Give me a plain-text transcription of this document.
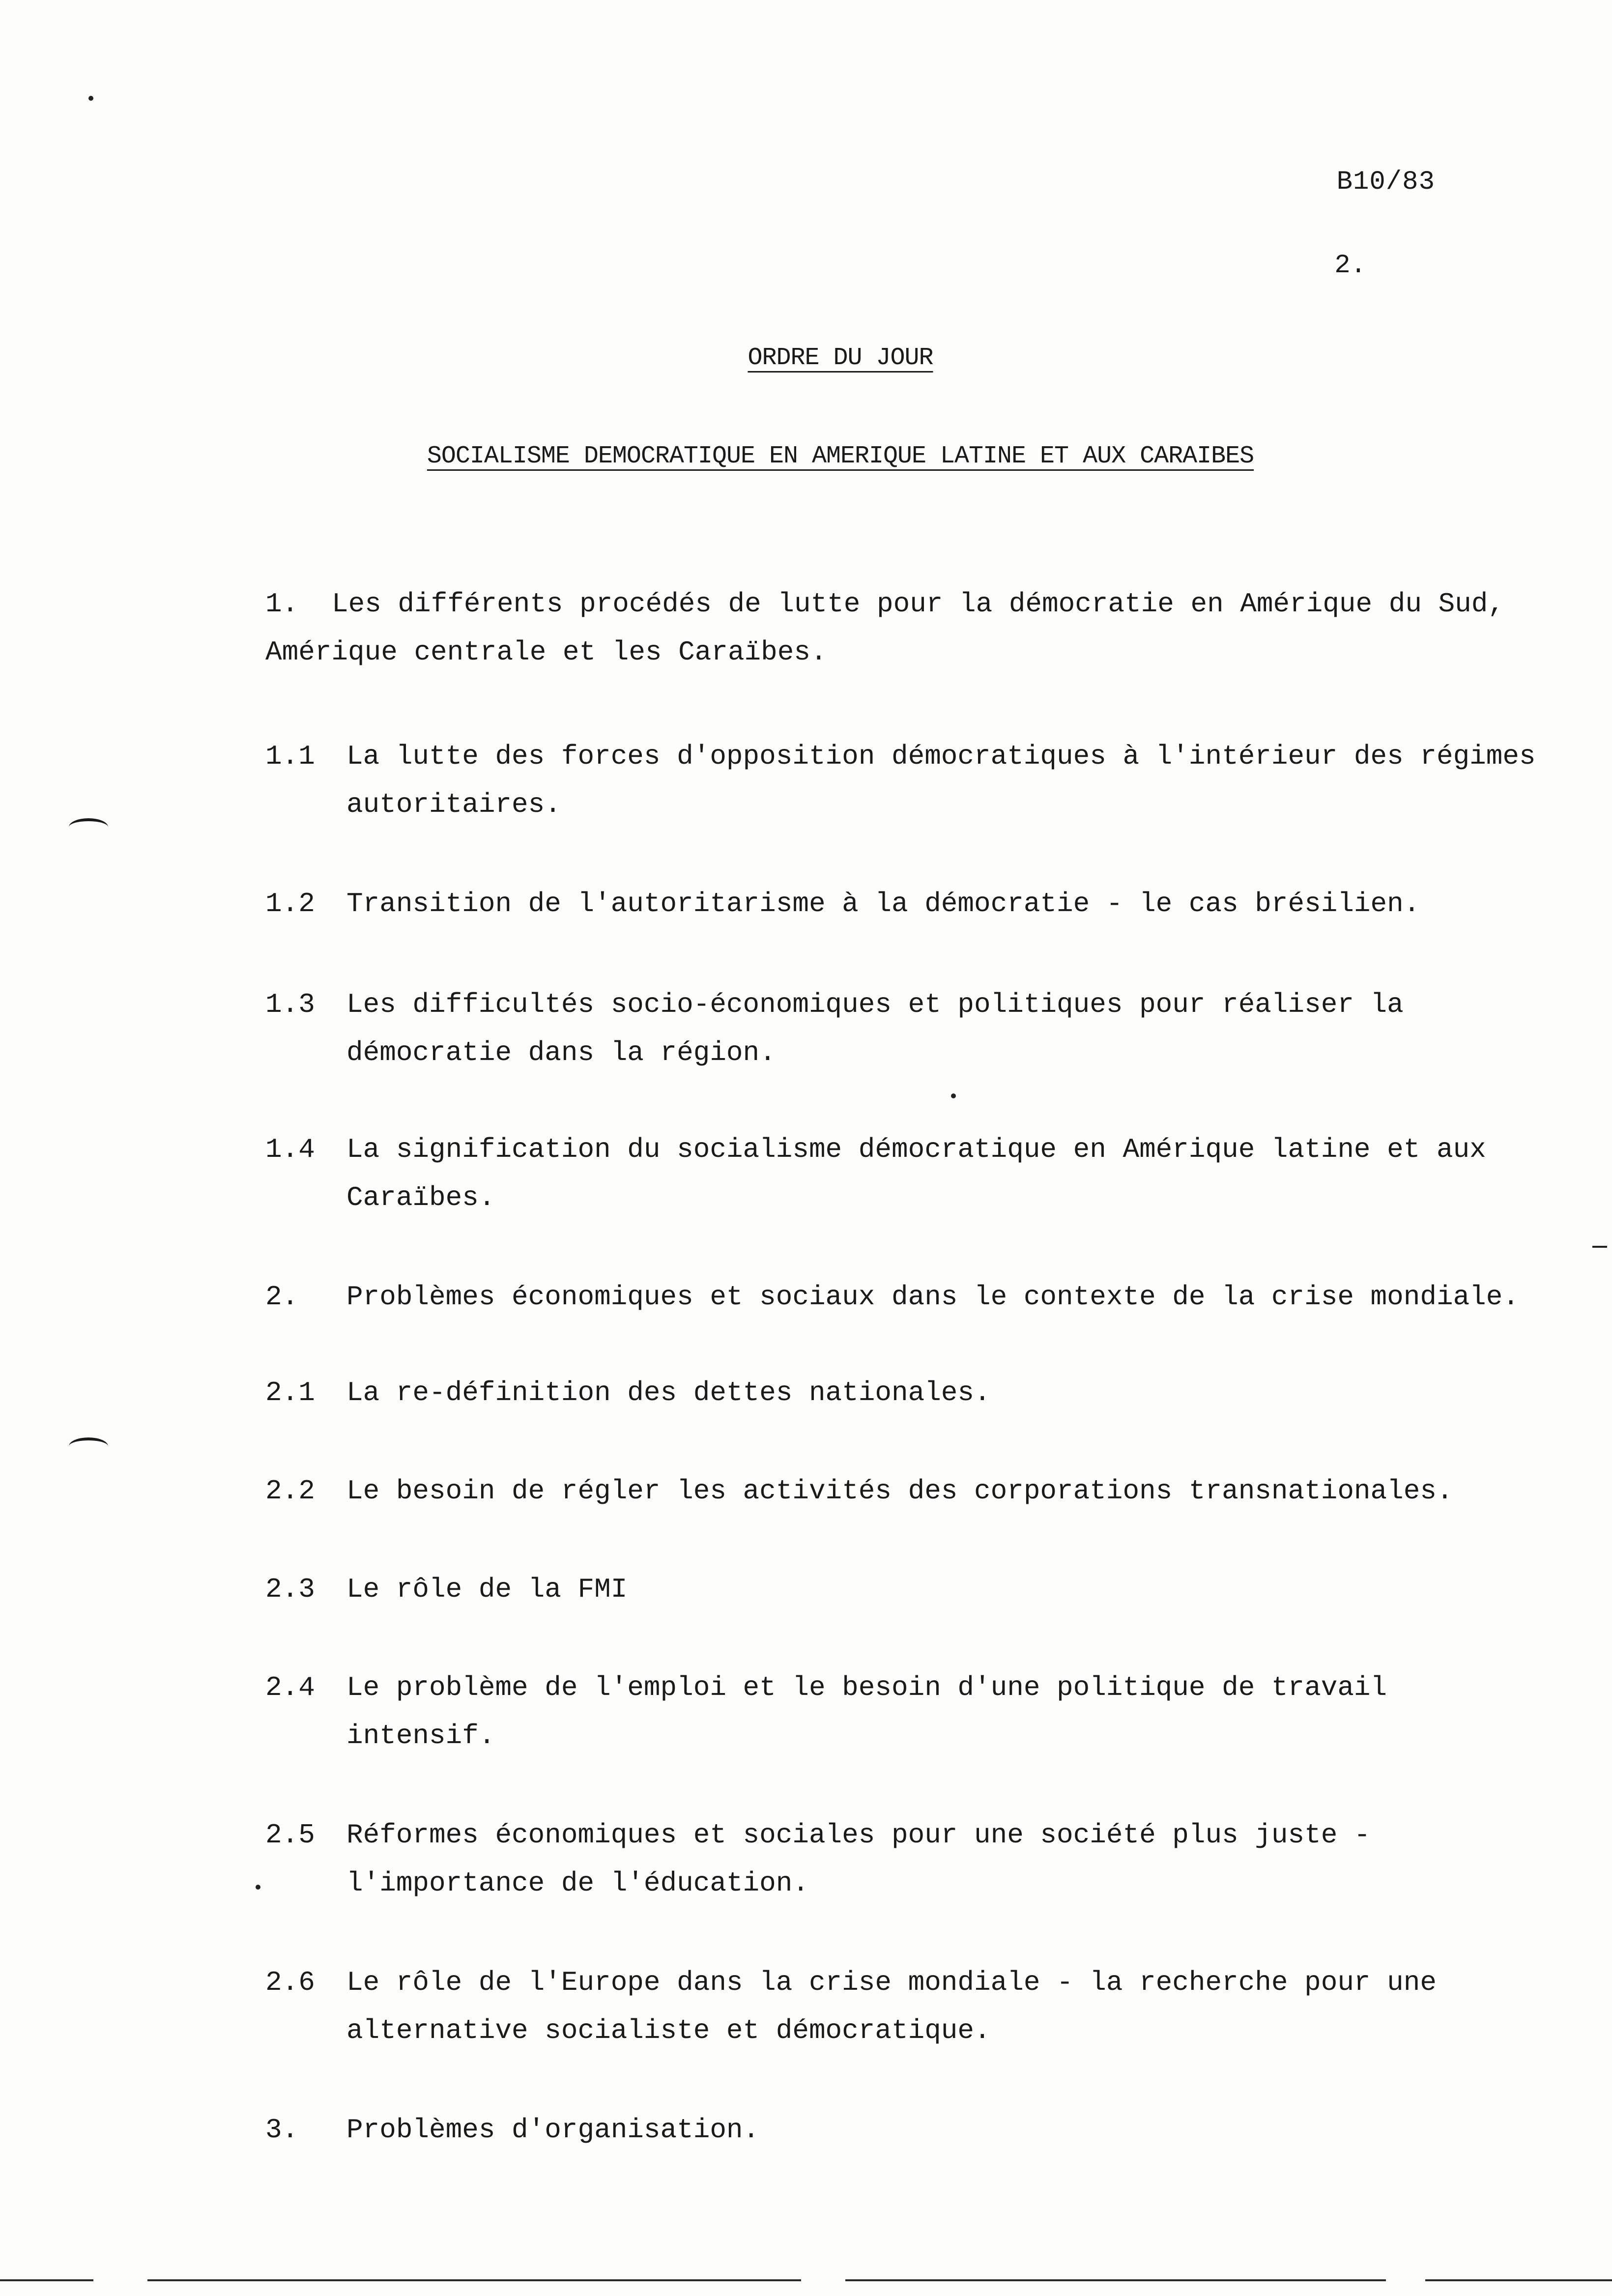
B10/83
2.
ORDRE DU JOUR
SOCIALISME DEMOCRATIQUE EN AMERIQUE LATINE ET AUX CARAIBES
1. Les différents procédés de lutte pour la démocratie en Amérique du Sud, Amérique centrale et les Caraïbes.
1.1	La lutte des forces d'opposition démocratiques à l'intérieur des régimes autoritaires.
1.2	Transition de l'autoritarisme à la démocratie - le cas brésilien.
1.3	Les difficultés socio-économiques et politiques pour réaliser la démocratie dans la région.
1.4	La signification du socialisme démocratique en Amérique latine et aux Caraïbes.
2.	Problèmes économiques et sociaux dans le contexte de la crise mondiale.
2.1	La re-définition des dettes nationales.
2.2	Le besoin de régler les activités des corporations transnationales.
2.3	Le rôle de la FMI
2.4	Le problème de l'emploi et le besoin d'une politique de travail intensif.
2.5	Réformes économiques et sociales pour une société plus juste - l'importance de l'éducation.
2.6	Le rôle de l'Europe dans la crise mondiale - la recherche pour une alternative socialiste et démocratique.
3.	Problèmes d'organisation.
